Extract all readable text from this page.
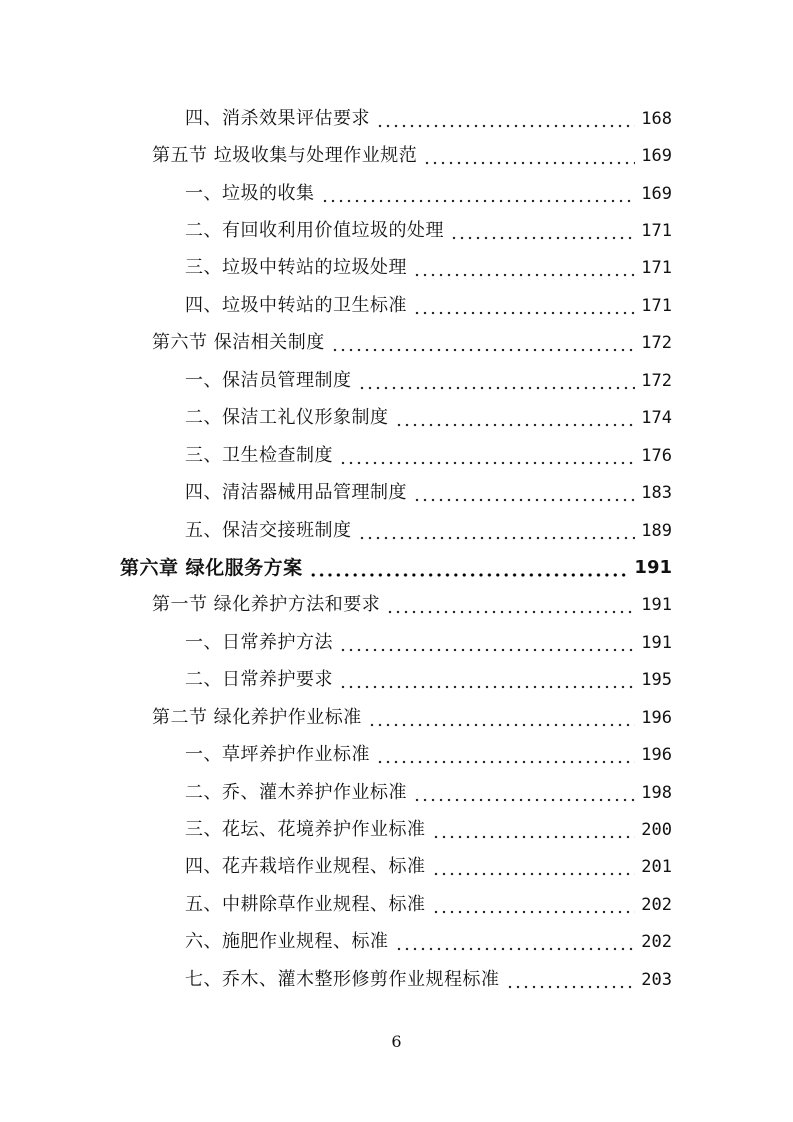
四、消杀效果评估要求	168
第五节 垃圾收集与处理作业规范	169
一、垃圾的收集	169
二、有回收利用价值垃圾的处理	171
三、垃圾中转站的垃圾处理	171
四、垃圾中转站的卫生标准	171
第六节 保洁相关制度	172
一、保洁员管理制度	172
二、保洁工礼仪形象制度	174
三、卫生检查制度	176
四、清洁器械用品管理制度	183
五、保洁交接班制度	189
第六章 绿化服务方案	191
第一节 绿化养护方法和要求	191
一、日常养护方法	191
二、日常养护要求	195
第二节 绿化养护作业标准	196
一、草坪养护作业标准	196
二、乔、灌木养护作业标准	198
三、花坛、花境养护作业标准	200
四、花卉栽培作业规程、标准	201
五、中耕除草作业规程、标准	202
六、施肥作业规程、标准	202
七、乔木、灌木整形修剪作业规程标准	203
6
